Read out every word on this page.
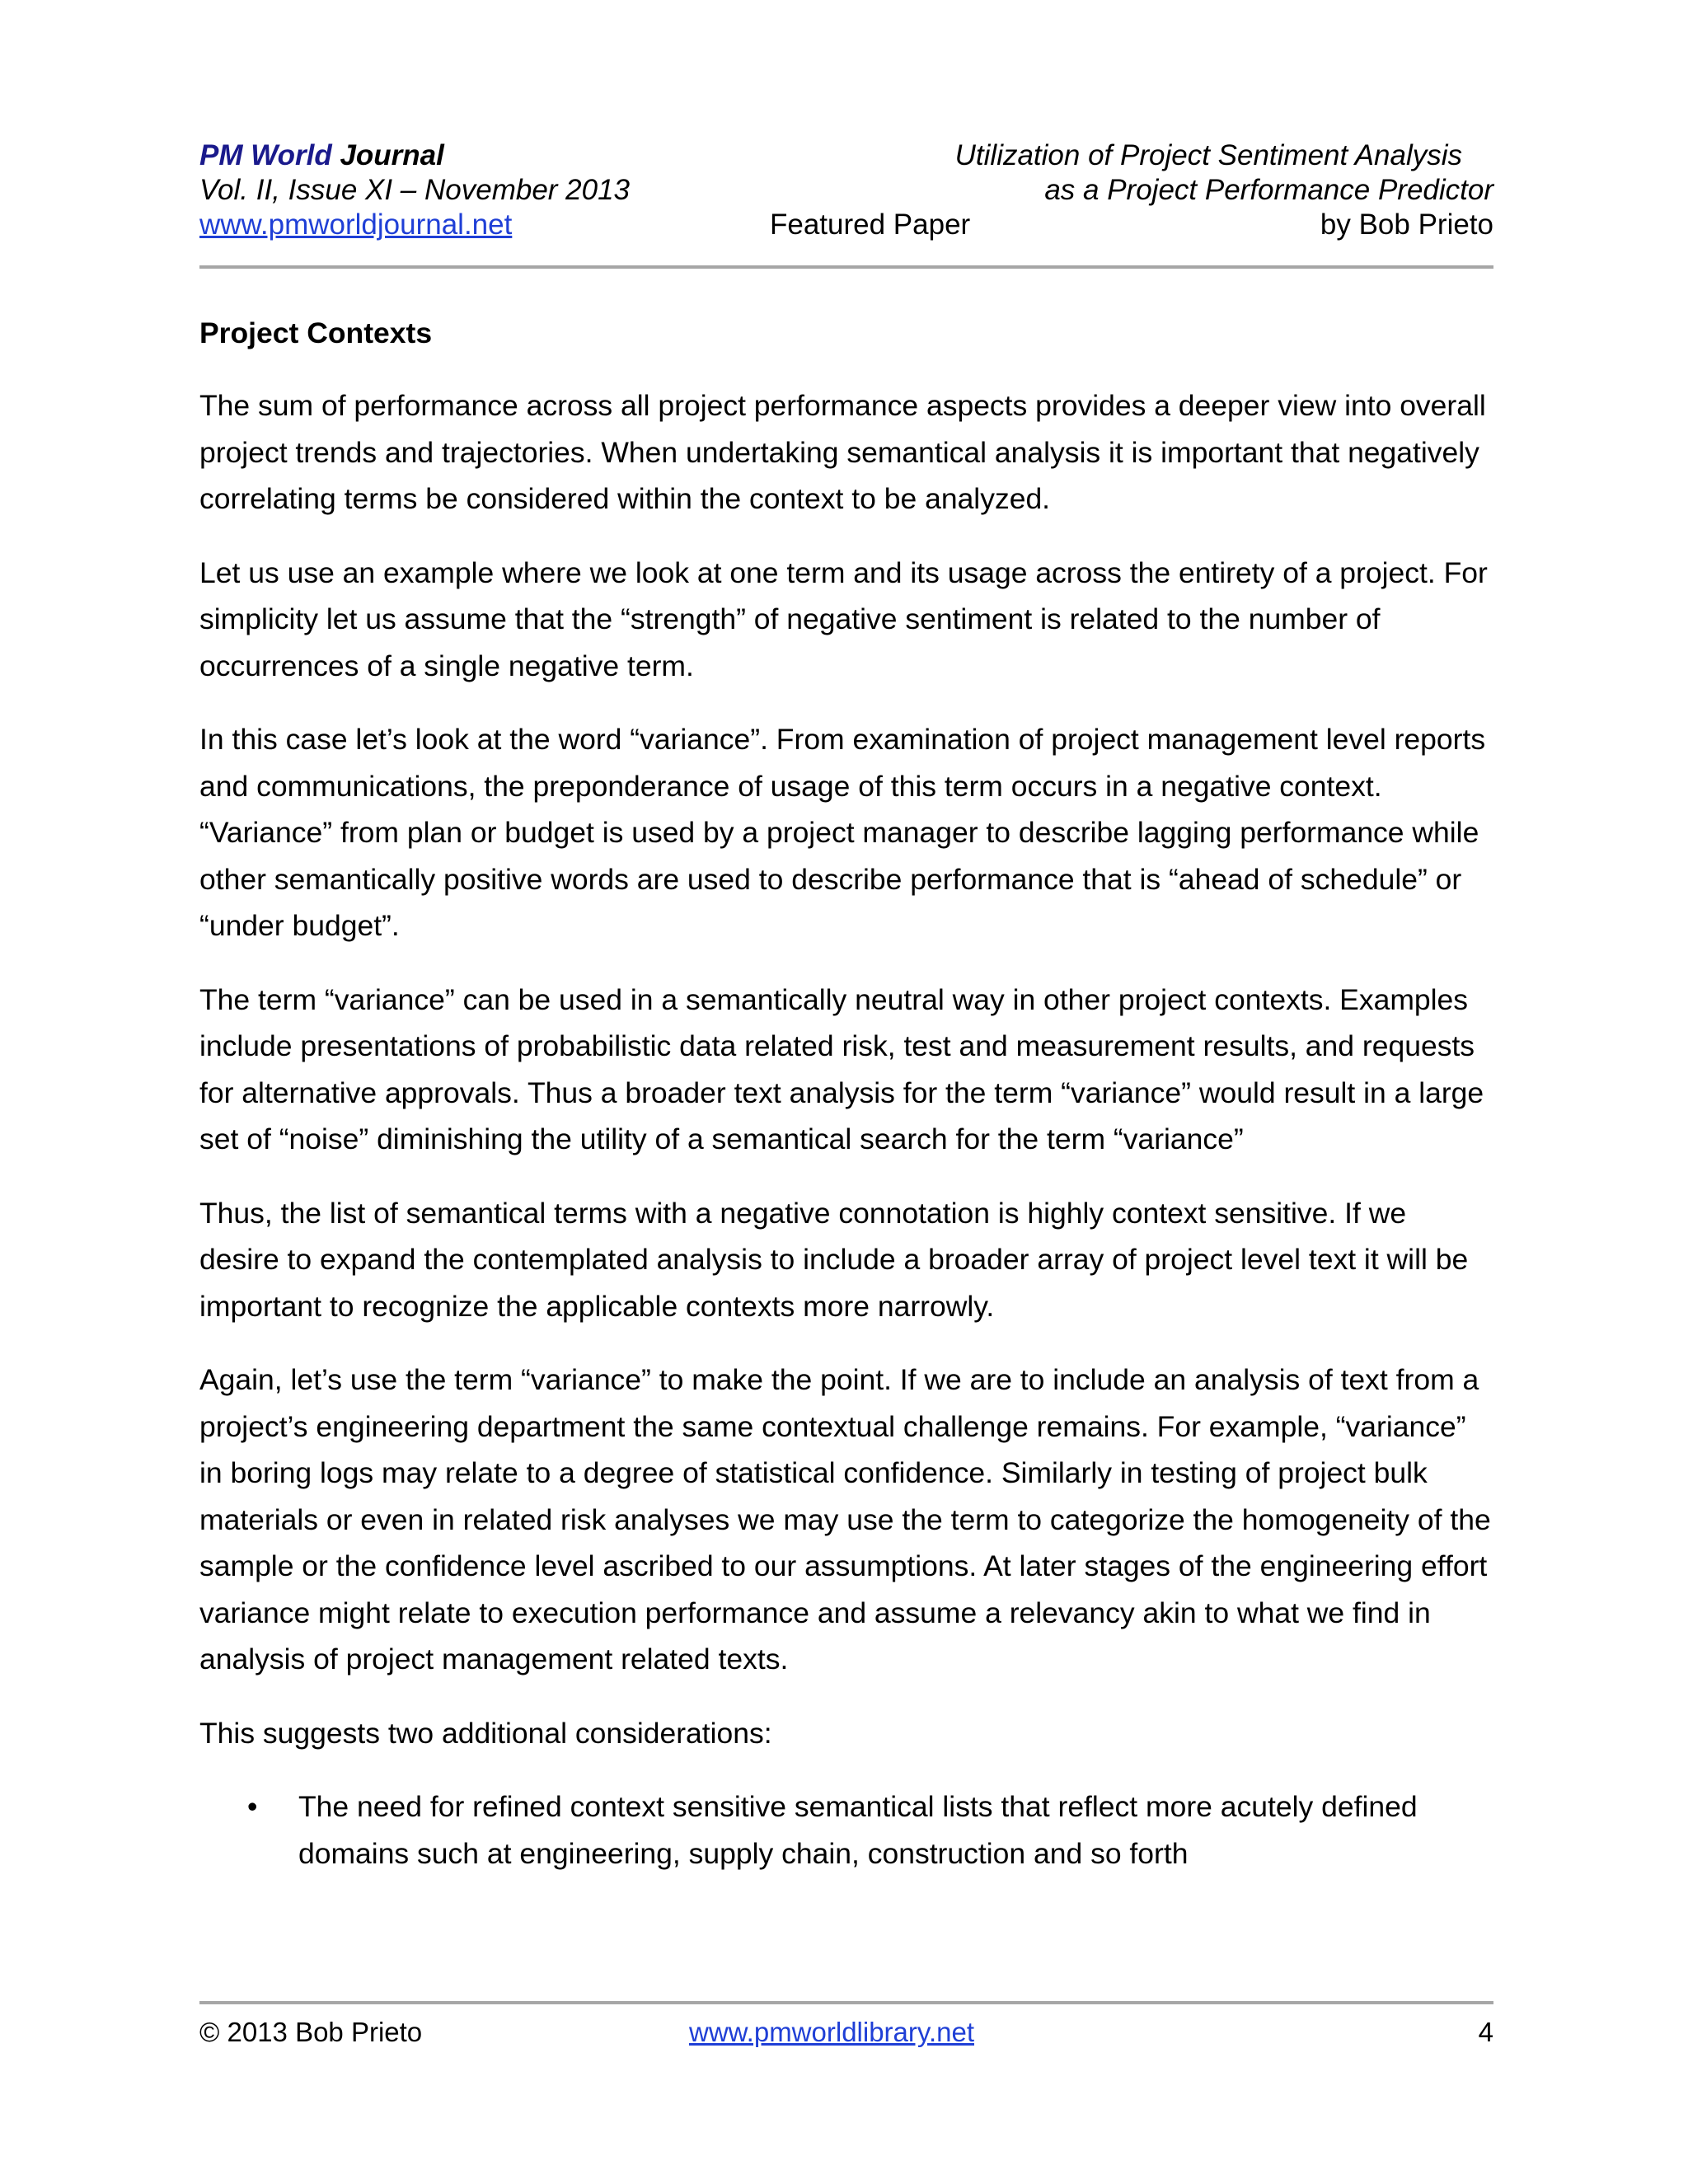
PM World Journal
Vol. II, Issue XI – November 2013
www.pmworldjournal.net	Featured Paper
Utilization of Project Sentiment Analysis
as a Project Performance Predictor
by Bob Prieto
Project Contexts

The sum of performance across all project performance aspects provides a deeper view into overall project trends and trajectories. When undertaking semantical analysis it is important that negatively correlating terms be considered within the context to be analyzed.

Let us use an example where we look at one term and its usage across the entirety of a project. For simplicity let us assume that the “strength” of negative sentiment is related to the number of occurrences of a single negative term.

In this case let’s look at the word “variance”. From examination of project management level reports and communications, the preponderance of usage of this term occurs in a negative context. “Variance” from plan or budget is used by a project manager to describe lagging performance while other semantically positive words are used to describe performance that is “ahead of schedule” or “under budget”.

The term “variance” can be used in a semantically neutral way in other project contexts. Examples include presentations of probabilistic data related risk, test and measurement results, and requests for alternative approvals. Thus a broader text analysis for the term “variance” would result in a large set of “noise” diminishing the utility of a semantical search for the term “variance”

Thus, the list of semantical terms with a negative connotation is highly context sensitive. If we desire to expand the contemplated analysis to include a broader array of project level text it will be important to recognize the applicable contexts more narrowly.

Again, let’s use the term “variance” to make the point. If we are to include an analysis of text from a project’s engineering department the same contextual challenge remains. For example, “variance” in boring logs may relate to a degree of statistical confidence. Similarly in testing of project bulk materials or even in related risk analyses we may use the term to categorize the homogeneity of the sample or the confidence level ascribed to our assumptions. At later stages of the engineering effort variance might relate to execution performance and assume a relevancy akin to what we find in analysis of project management related texts.

This suggests two additional considerations:

• The need for refined context sensitive semantical lists that reflect more acutely defined domains such at engineering, supply chain, construction and so forth
© 2013 Bob Prieto	www.pmworldlibrary.net	4
